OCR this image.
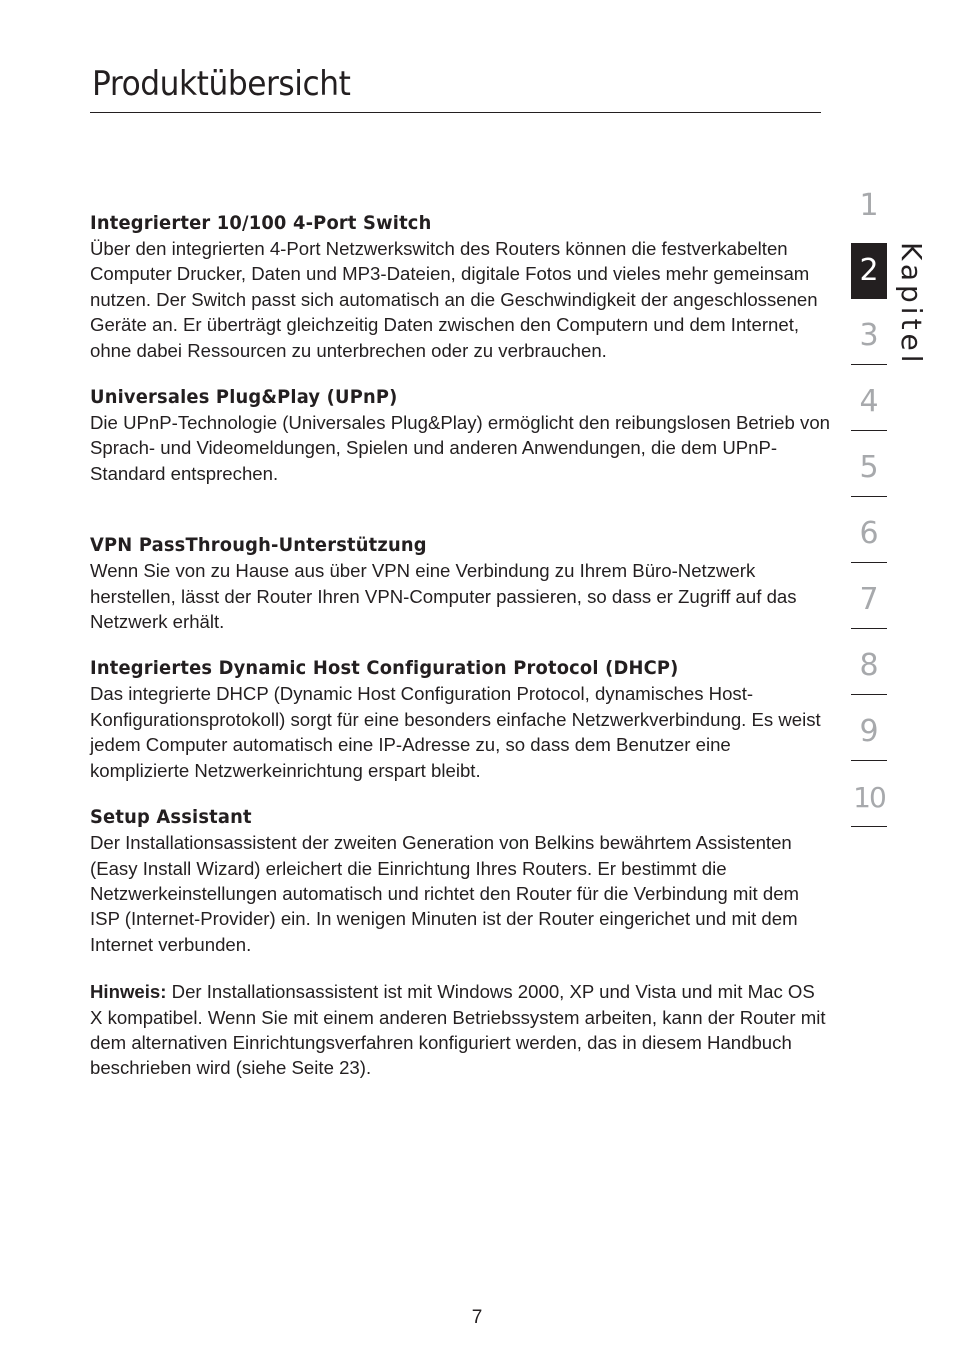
Produktübersicht
Integrierter 10/100 4-Port Switch

Über den integrierten 4-Port Netzwerkswitch des Routers können die festverkabelten Computer Drucker, Daten und MP3-Dateien, digitale Fotos und vieles mehr gemeinsam nutzen. Der Switch passt sich automatisch an die Geschwindigkeit der angeschlossenen Geräte an. Er überträgt gleichzeitig Daten zwischen den Computern und dem Internet, ohne dabei Ressourcen zu unterbrechen oder zu verbrauchen.

Universales Plug&Play (UPnP)

Die UPnP-Technologie (Universales Plug&Play) ermöglicht den reibungslosen Betrieb von Sprach- und Videomeldungen, Spielen und anderen Anwendungen, die dem UPnP-Standard entsprechen.

VPN PassThrough-Unterstützung

Wenn Sie von zu Hause aus über VPN eine Verbindung zu Ihrem Büro-Netzwerk herstellen, lässt der Router Ihren VPN-Computer passieren, so dass er Zugriff auf das Netzwerk erhält.

Integriertes Dynamic Host Configuration Protocol (DHCP)

Das integrierte DHCP (Dynamic Host Configuration Protocol, dynamisches Host-Konfigurationsprotokoll) sorgt für eine besonders einfache Netzwerkverbindung. Es weist jedem Computer automatisch eine IP-Adresse zu, so dass dem Benutzer eine komplizierte Netzwerkeinrichtung erspart bleibt.

Setup Assistant

Der Installationsassistent der zweiten Generation von Belkins bewährtem Assistenten (Easy Install Wizard) erleichert die Einrichtung Ihres Routers. Er bestimmt die Netzwerkeinstellungen automatisch und richtet den Router für die Verbindung mit dem ISP (Internet-Provider) ein. In wenigen Minuten ist der Router eingerichet und mit dem Internet verbunden.

Hinweis: Der Installationsassistent ist mit Windows 2000, XP und Vista und mit Mac OS X kompatibel. Wenn Sie mit einem anderen Betriebssystem arbeiten, kann der Router mit dem alternativen Einrichtungsverfahren konfiguriert werden, das in diesem Handbuch beschrieben wird (siehe Seite 23).

1
2
3
4
5
6
7
8
9
10
Kapitel
7
